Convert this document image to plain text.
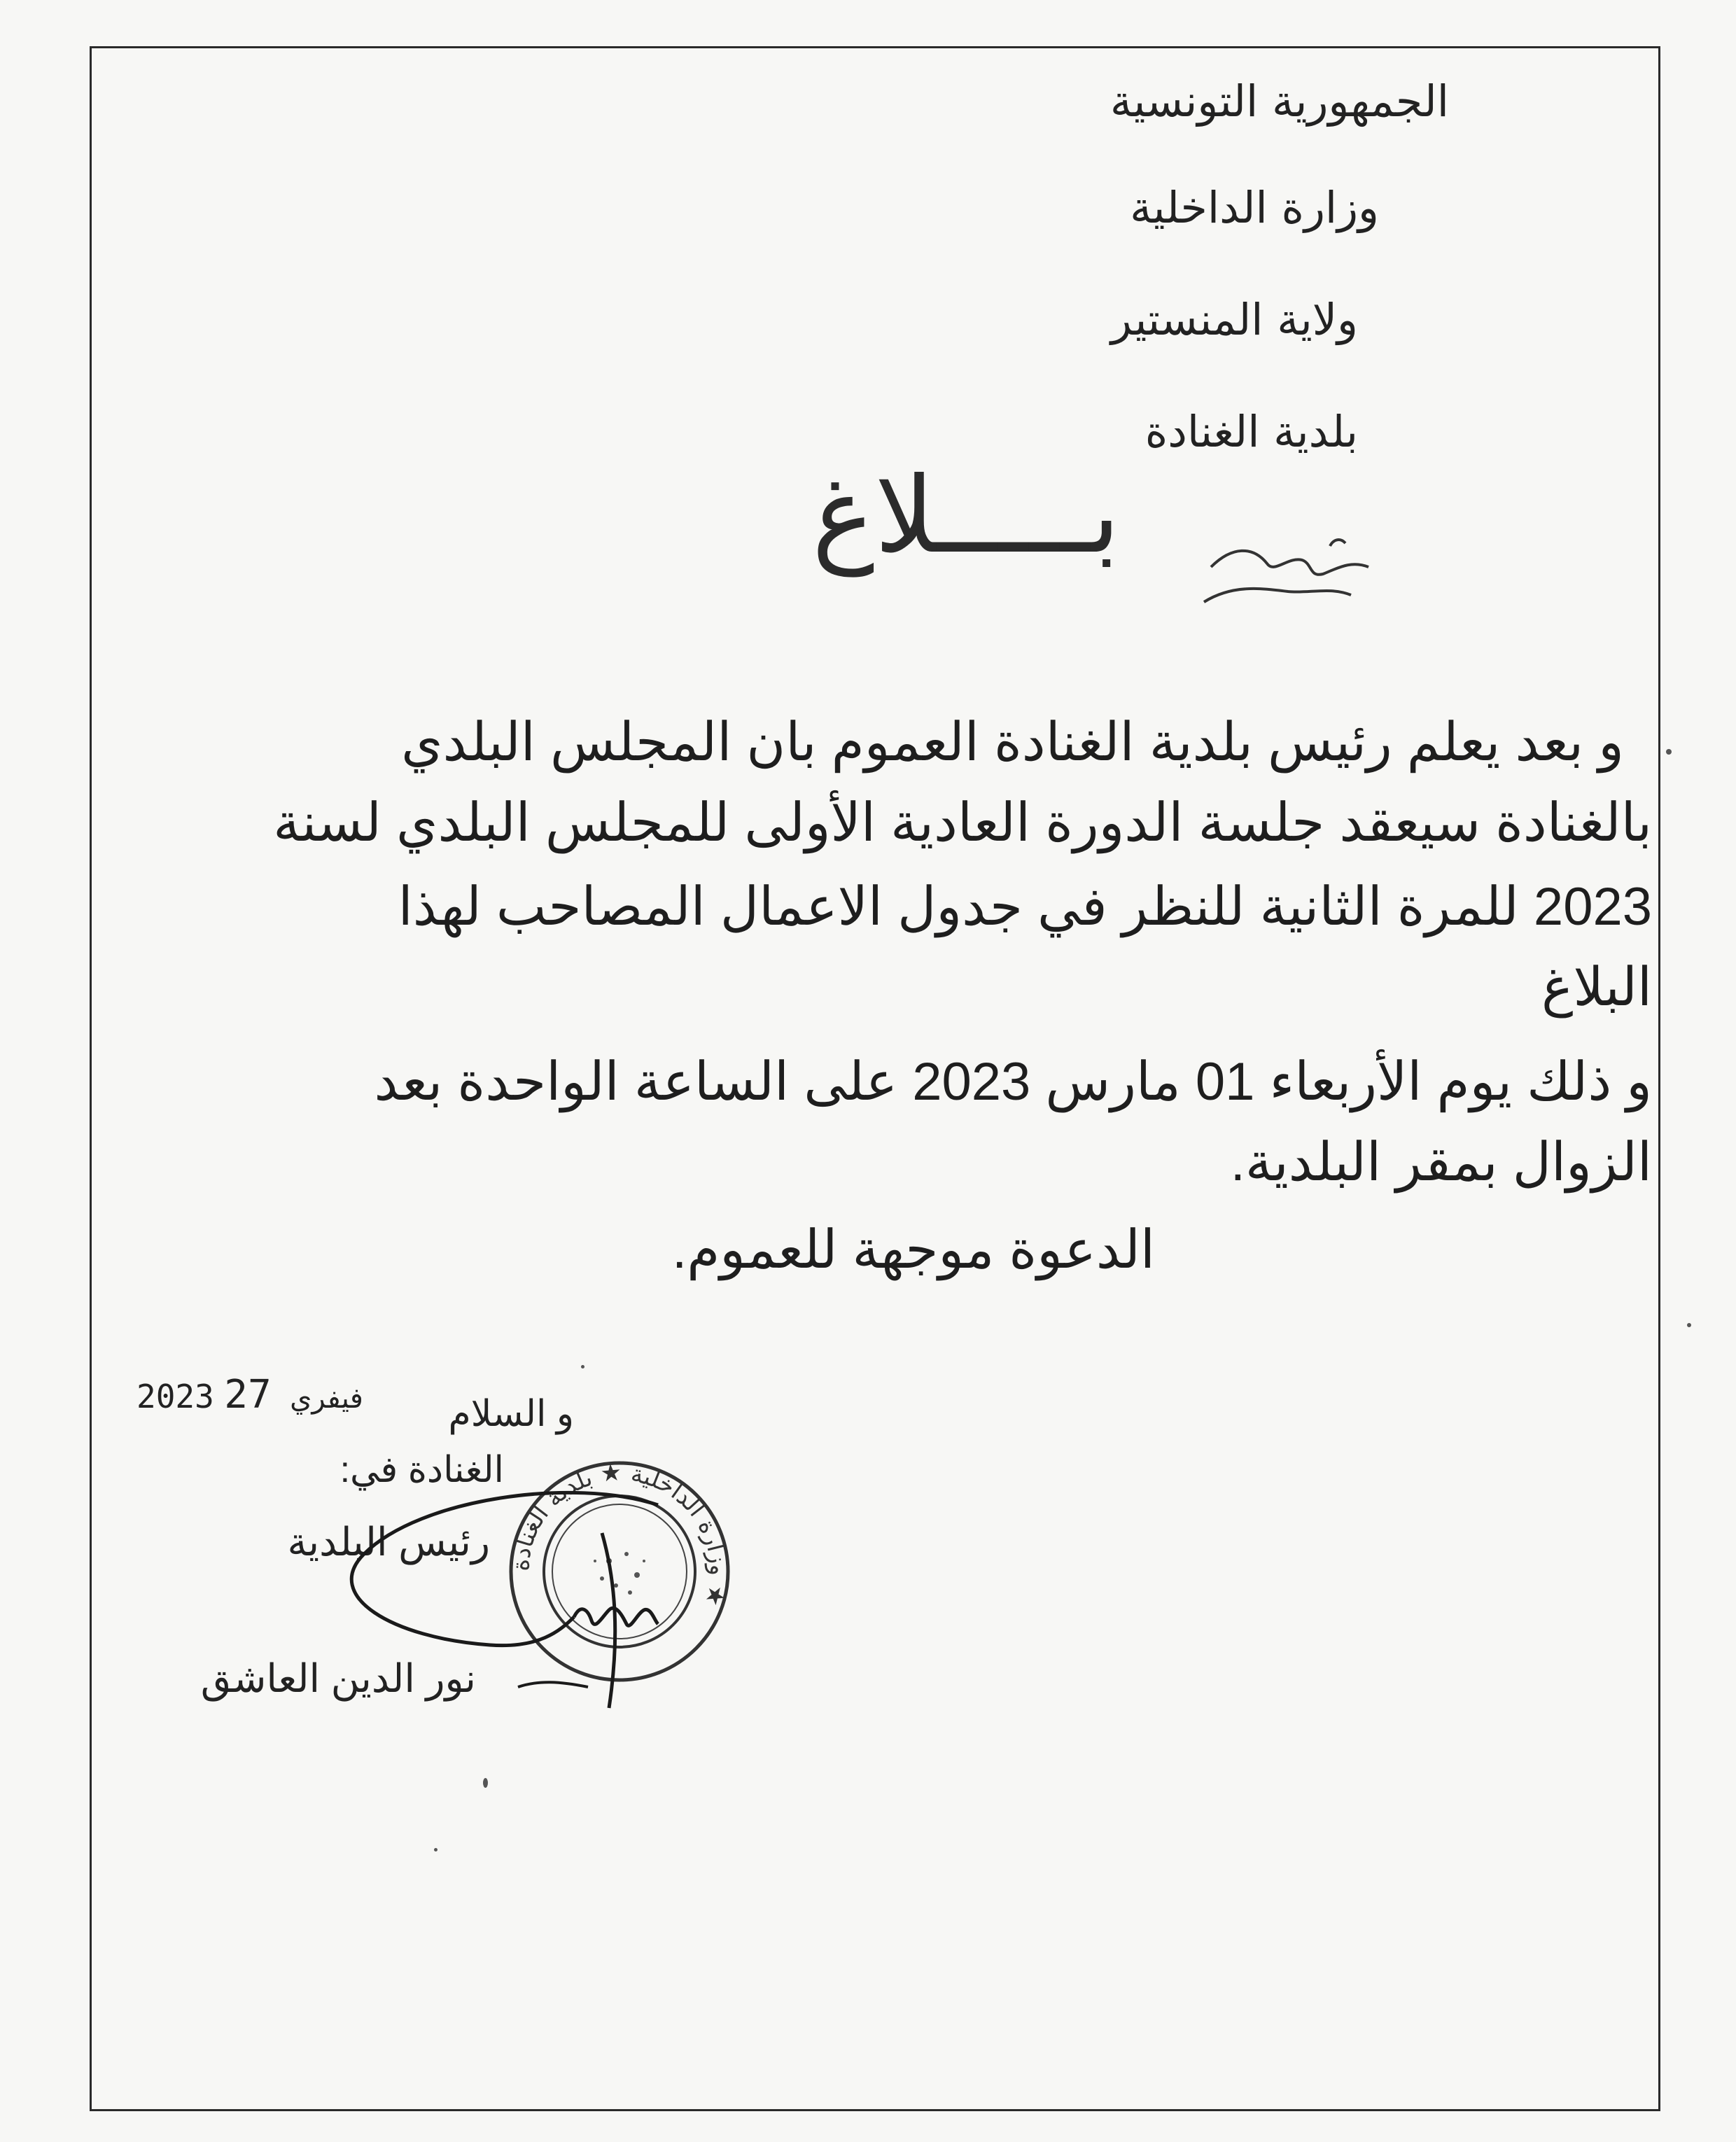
الجمهورية التونسية
وزارة الداخلية
ولاية المنستير
بلدية الغنادة
بـــــلاغ
و بعد يعلم رئيس بلدية الغنادة العموم بان المجلس البلدي
بالغنادة سيعقد جلسة الدورة العادية الأولى للمجلس البلدي لسنة
2023 للمرة الثانية للنظر في جدول الاعمال المصاحب لهذا
البلاغ
و ذلك يوم الأربعاء 01 مارس 2023 على الساعة الواحدة بعد
الزوال بمقر البلدية.
الدعوة موجهة للعموم.
و السلام
2023	فيفري 27
الغنادة في:
رئيس البلدية
نور الدين العاشق
وزارة الداخلية ★ بلدية الغنادة ★
